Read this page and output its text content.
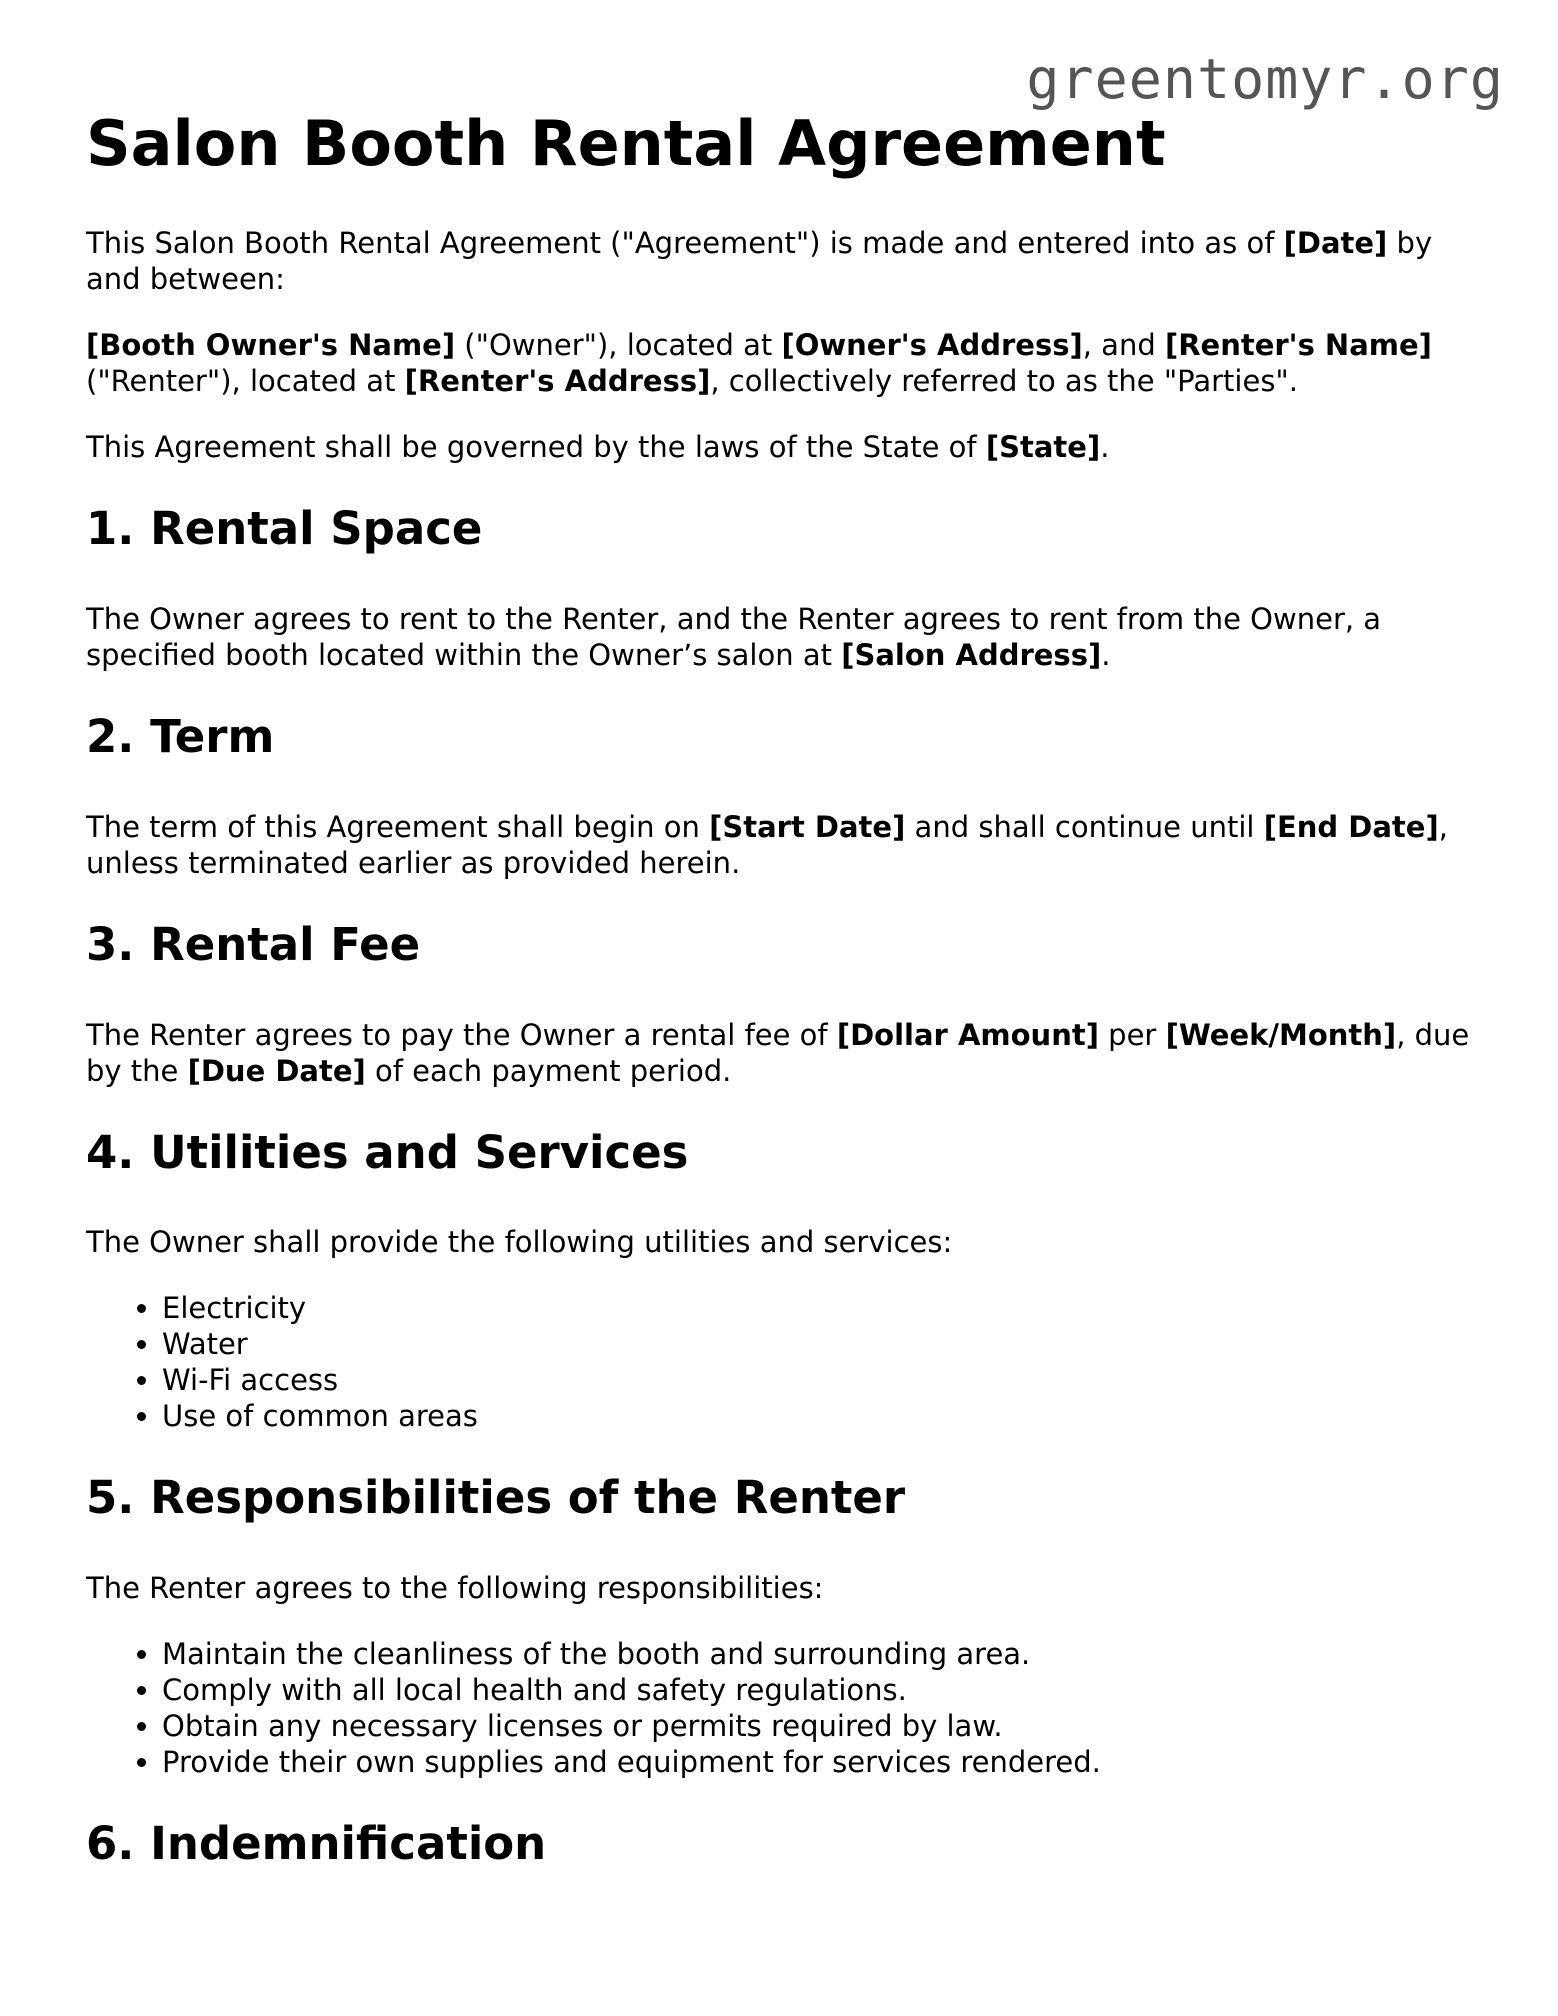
greentomyr.org
Salon Booth Rental Agreement

This Salon Booth Rental Agreement ("Agreement") is made and entered into as of [Date] by and between:

[Booth Owner's Name] ("Owner"), located at [Owner's Address], and [Renter's Name] ("Renter"), located at [Renter's Address], collectively referred to as the "Parties".

This Agreement shall be governed by the laws of the State of [State].

1. Rental Space

The Owner agrees to rent to the Renter, and the Renter agrees to rent from the Owner, a specified booth located within the Owner’s salon at [Salon Address].

2. Term

The term of this Agreement shall begin on [Start Date] and shall continue until [End Date], unless terminated earlier as provided herein.

3. Rental Fee

The Renter agrees to pay the Owner a rental fee of [Dollar Amount] per [Week/Month], due by the [Due Date] of each payment period.

4. Utilities and Services

The Owner shall provide the following utilities and services:

• Electricity
• Water
• Wi-Fi access
• Use of common areas
5. Responsibilities of the Renter

The Renter agrees to the following responsibilities:

• Maintain the cleanliness of the booth and surrounding area.
• Comply with all local health and safety regulations.
• Obtain any necessary licenses or permits required by law.
• Provide their own supplies and equipment for services rendered.
6. Indemnification
